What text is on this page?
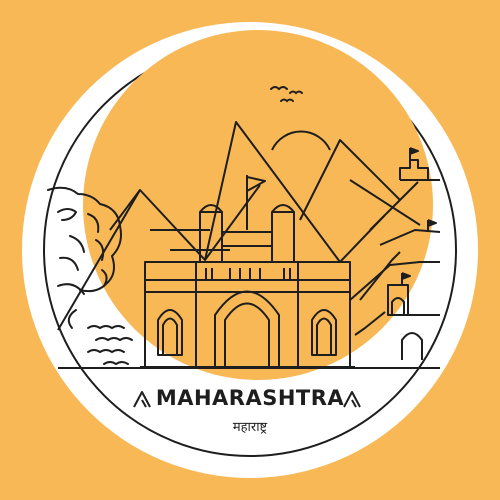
MAHARASHTRA
महाराष्ट्र
